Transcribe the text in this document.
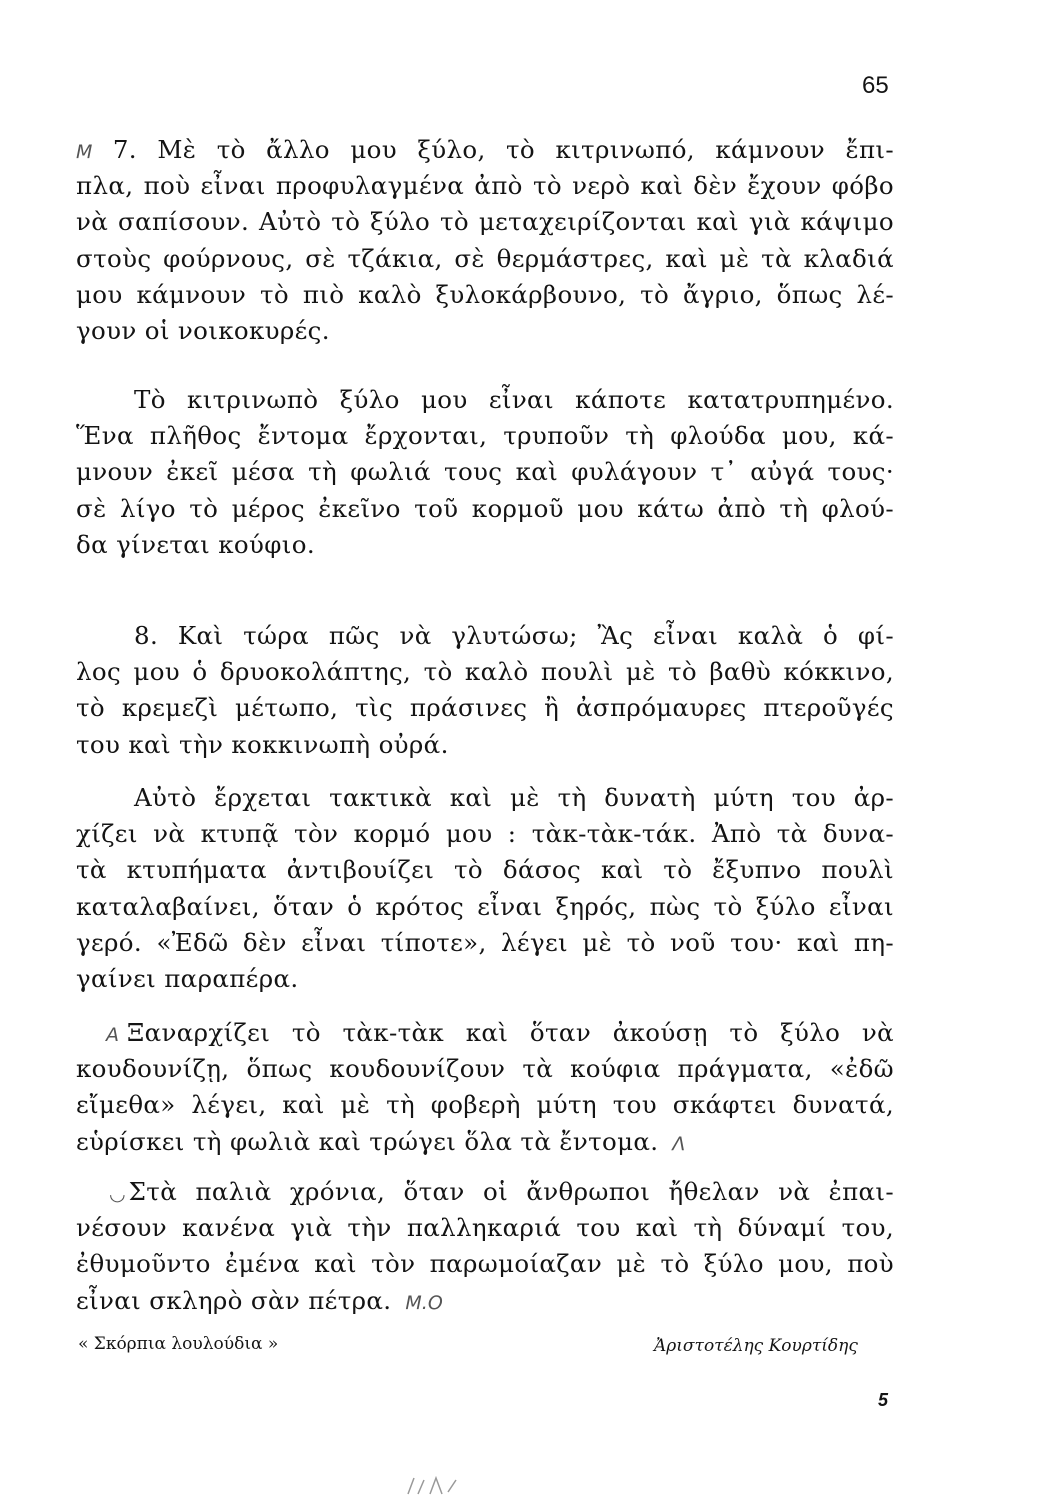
65
Μ 7. Μὲ τὸ ἄλλο μου ξύλο, τὸ κιτρινωπό, κάμνουν ἔπι-
πλα, ποὺ εἶναι προφυλαγμένα ἀπὸ τὸ νερὸ καὶ δὲν ἔχουν φόβο
νὰ σαπίσουν. Αὐτὸ τὸ ξύλο τὸ μεταχειρίζονται καὶ γιὰ κάψιμο
στοὺς φούρνους, σὲ τζάκια, σὲ θερμάστρες, καὶ μὲ τὰ κλαδιά
μου κάμνουν τὸ πιὸ καλὸ ξυλοκάρβουνο, τὸ ἄγριο, ὅπως λέ-
γουν οἱ νοικοκυρές.
Τὸ κιτρινωπὸ ξύλο μου εἶναι κάποτε κατατρυπημένο.
Ἕνα πλῆθος ἔντομα ἔρχονται, τρυποῦν τὴ φλούδα μου, κά-
μνουν ἐκεῖ μέσα τὴ φωλιά τους καὶ φυλάγουν τ᾽ αὐγά τους·
σὲ λίγο τὸ μέρος ἐκεῖνο τοῦ κορμοῦ μου κάτω ἀπὸ τὴ φλού-
δα γίνεται κούφιο.
8. Καὶ τώρα πῶς νὰ γλυτώσω; Ἂς εἶναι καλὰ ὁ φί-
λος μου ὁ δρυοκολάπτης, τὸ καλὸ πουλὶ μὲ τὸ βαθὺ κόκκινο,
τὸ κρεμεζὶ μέτωπο, τὶς πράσινες ἢ ἀσπρόμαυρες πτεροῦγές
του καὶ τὴν κοκκινωπὴ οὐρά.
Αὐτὸ ἔρχεται τακτικὰ καὶ μὲ τὴ δυνατὴ μύτη του ἀρ-
χίζει νὰ κτυπᾷ τὸν κορμό μου : τὰκ-τὰκ-τάκ. Ἀπὸ τὰ δυνα-
τὰ κτυπήματα ἀντιβουίζει τὸ δάσος καὶ τὸ ἔξυπνο πουλὶ
καταλαβαίνει, ὅταν ὁ κρότος εἶναι ξηρός, πὼς τὸ ξύλο εἶναι
γερό. «Ἐδῶ δὲν εἶναι τίποτε», λέγει μὲ τὸ νοῦ του· καὶ πη-
γαίνει παραπέρα.
A Ξαναρχίζει τὸ τὰκ-τὰκ καὶ ὅταν ἀκούσῃ τὸ ξύλο νὰ
κουδουνίζῃ, ὅπως κουδουνίζουν τὰ κούφια πράγματα, «ἐδῶ
εἴμεθα» λέγει, καὶ μὲ τὴ φοβερὴ μύτη του σκάφτει δυνατά,
εὑρίσκει τὴ φωλιὰ καὶ τρώγει ὅλα τὰ ἔντομα. Λ
◡ Στὰ παλιὰ χρόνια, ὅταν οἱ ἄνθρωποι ἤθελαν νὰ ἐπαι-
νέσουν κανένα γιὰ τὴν παλληκαριά του καὶ τὴ δύναμί του,
ἐθυμοῦντο ἐμένα καὶ τὸν παρωμοίαζαν μὲ τὸ ξύλο μου, ποὺ
εἶναι σκληρὸ σὰν πέτρα. Μ.Ο
« Σκόρπια λουλούδια »	Ἀριστοτέλης Κουρτίδης
5
